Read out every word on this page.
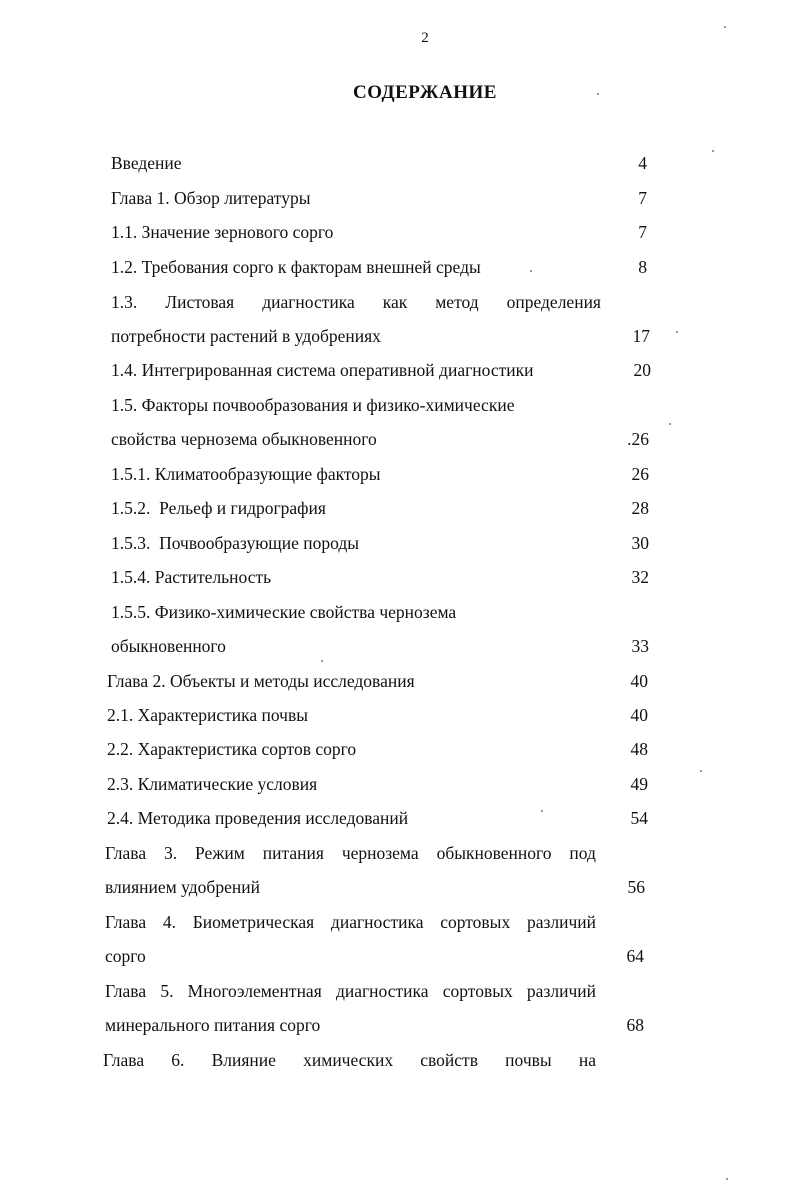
2
СОДЕРЖАНИЕ
Введение	4
Глава 1. Обзор литературы	7
1.1. Значение зернового сорго	7
1.2. Требования сорго к факторам внешней среды	8
1.3. Листовая диагностика как метод определения
потребности растений в удобрениях	17
1.4. Интегрированная система оперативной диагностики	20
1.5. Факторы почвообразования и физико-химические
свойства чернозема обыкновенного	.26
1.5.1. Климатообразующие факторы	26
1.5.2.  Рельеф и гидрография	28
1.5.3.  Почвообразующие породы	30
1.5.4. Растительность	32
1.5.5. Физико-химические свойства чернозема
обыкновенного	33
Глава 2. Объекты и методы исследования	40
2.1. Характеристика почвы	40
2.2. Характеристика сортов сорго	48
2.3. Климатические условия	49
2.4. Методика проведения исследований	54
Глава 3. Режим питания чернозема обыкновенного под
влиянием удобрений	56
Глава 4. Биометрическая диагностика сортовых различий
сорго	64
Глава 5. Многоэлементная диагностика сортовых различий
минерального питания сорго	68
Глава 6. Влияние химических свойств почвы на
